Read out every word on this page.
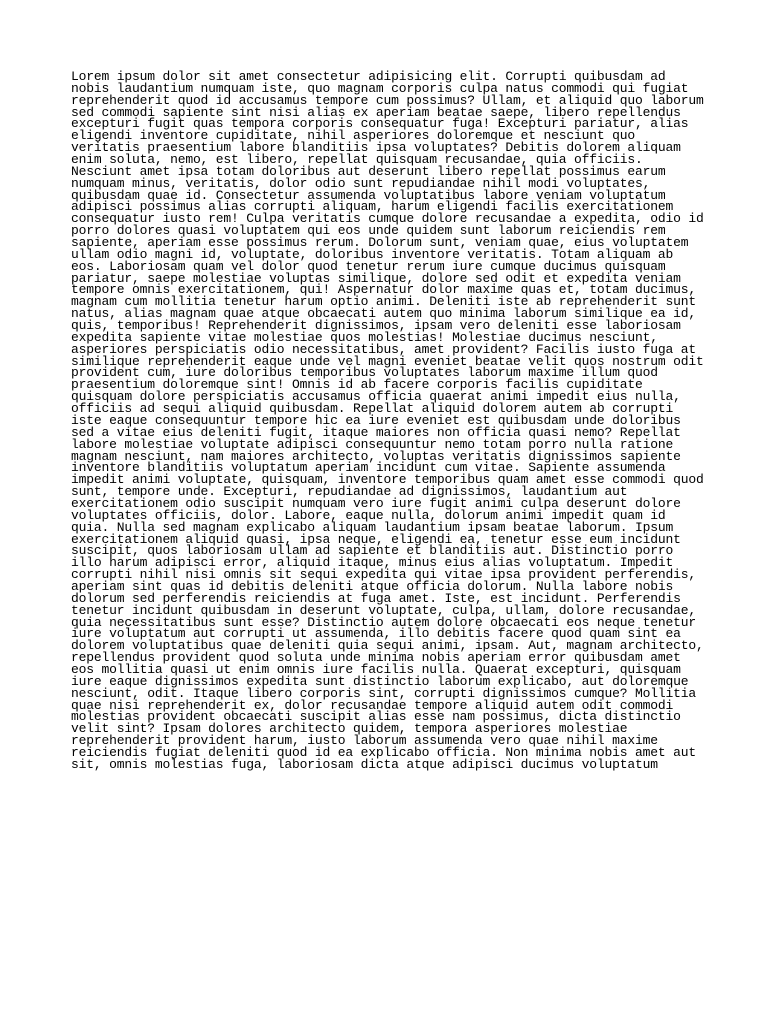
Lorem ipsum dolor sit amet consectetur adipisicing elit. Corrupti quibusdam ad
nobis laudantium numquam iste, quo magnam corporis culpa natus commodi qui fugiat
reprehenderit quod id accusamus tempore cum possimus? Ullam, et aliquid quo laborum
sed commodi sapiente sint nisi alias ex aperiam beatae saepe, libero repellendus
excepturi fugit quas tempora corporis consequatur fuga! Excepturi pariatur, alias
eligendi inventore cupiditate, nihil asperiores doloremque et nesciunt quo
veritatis praesentium labore blanditiis ipsa voluptates? Debitis dolorem aliquam
enim soluta, nemo, est libero, repellat quisquam recusandae, quia officiis.
Nesciunt amet ipsa totam doloribus aut deserunt libero repellat possimus earum
numquam minus, veritatis, dolor odio sunt repudiandae nihil modi voluptates,
quibusdam quae id. Consectetur assumenda voluptatibus labore veniam voluptatum
adipisci possimus alias corrupti aliquam, harum eligendi facilis exercitationem
consequatur iusto rem! Culpa veritatis cumque dolore recusandae a expedita, odio id
porro dolores quasi voluptatem qui eos unde quidem sunt laborum reiciendis rem
sapiente, aperiam esse possimus rerum. Dolorum sunt, veniam quae, eius voluptatem
ullam odio magni id, voluptate, doloribus inventore veritatis. Totam aliquam ab
eos. Laboriosam quam vel dolor quod tenetur rerum iure cumque ducimus quisquam
pariatur, saepe molestiae voluptas similique, dolore sed odit et expedita veniam
tempore omnis exercitationem, qui! Aspernatur dolor maxime quas et, totam ducimus,
magnam cum mollitia tenetur harum optio animi. Deleniti iste ab reprehenderit sunt
natus, alias magnam quae atque obcaecati autem quo minima laborum similique ea id,
quis, temporibus! Reprehenderit dignissimos, ipsam vero deleniti esse laboriosam
expedita sapiente vitae molestiae quos molestias! Molestiae ducimus nesciunt,
asperiores perspiciatis odio necessitatibus, amet provident? Facilis iusto fuga at
similique reprehenderit eaque unde vel magni eveniet beatae velit quos nostrum odit
provident cum, iure doloribus temporibus voluptates laborum maxime illum quod
praesentium doloremque sint! Omnis id ab facere corporis facilis cupiditate
quisquam dolore perspiciatis accusamus officia quaerat animi impedit eius nulla,
officiis ad sequi aliquid quibusdam. Repellat aliquid dolorem autem ab corrupti
iste eaque consequuntur tempore hic ea iure eveniet est quibusdam unde doloribus
sed a vitae eius deleniti fugit, itaque maiores non officia quasi nemo? Repellat
labore molestiae voluptate adipisci consequuntur nemo totam porro nulla ratione
magnam nesciunt, nam maiores architecto, voluptas veritatis dignissimos sapiente
inventore blanditiis voluptatum aperiam incidunt cum vitae. Sapiente assumenda
impedit animi voluptate, quisquam, inventore temporibus quam amet esse commodi quod
sunt, tempore unde. Excepturi, repudiandae ad dignissimos, laudantium aut
exercitationem odio suscipit numquam vero iure fugit animi culpa deserunt dolore
voluptates officiis, dolor. Labore, eaque nulla, dolorum animi impedit quam id
quia. Nulla sed magnam explicabo aliquam laudantium ipsam beatae laborum. Ipsum
exercitationem aliquid quasi, ipsa neque, eligendi ea, tenetur esse eum incidunt
suscipit, quos laboriosam ullam ad sapiente et blanditiis aut. Distinctio porro
illo harum adipisci error, aliquid itaque, minus eius alias voluptatum. Impedit
corrupti nihil nisi omnis sit sequi expedita qui vitae ipsa provident perferendis,
aperiam sint quas id debitis deleniti atque officia dolorum. Nulla labore nobis
dolorum sed perferendis reiciendis at fuga amet. Iste, est incidunt. Perferendis
tenetur incidunt quibusdam in deserunt voluptate, culpa, ullam, dolore recusandae,
quia necessitatibus sunt esse? Distinctio autem dolore obcaecati eos neque tenetur
iure voluptatum aut corrupti ut assumenda, illo debitis facere quod quam sint ea
dolorem voluptatibus quae deleniti quia sequi animi, ipsam. Aut, magnam architecto,
repellendus provident quod soluta unde minima nobis aperiam error quibusdam amet
eos mollitia quasi ut enim omnis iure facilis nulla. Quaerat excepturi, quisquam
iure eaque dignissimos expedita sunt distinctio laborum explicabo, aut doloremque
nesciunt, odit. Itaque libero corporis sint, corrupti dignissimos cumque? Mollitia
quae nisi reprehenderit ex, dolor recusandae tempore aliquid autem odit commodi
molestias provident obcaecati suscipit alias esse nam possimus, dicta distinctio
velit sint? Ipsam dolores architecto quidem, tempora asperiores molestiae
reprehenderit provident harum, iusto laborum assumenda vero quae nihil maxime
reiciendis fugiat deleniti quod id ea explicabo officia. Non minima nobis amet aut
sit, omnis molestias fuga, laboriosam dicta atque adipisci ducimus voluptatum
